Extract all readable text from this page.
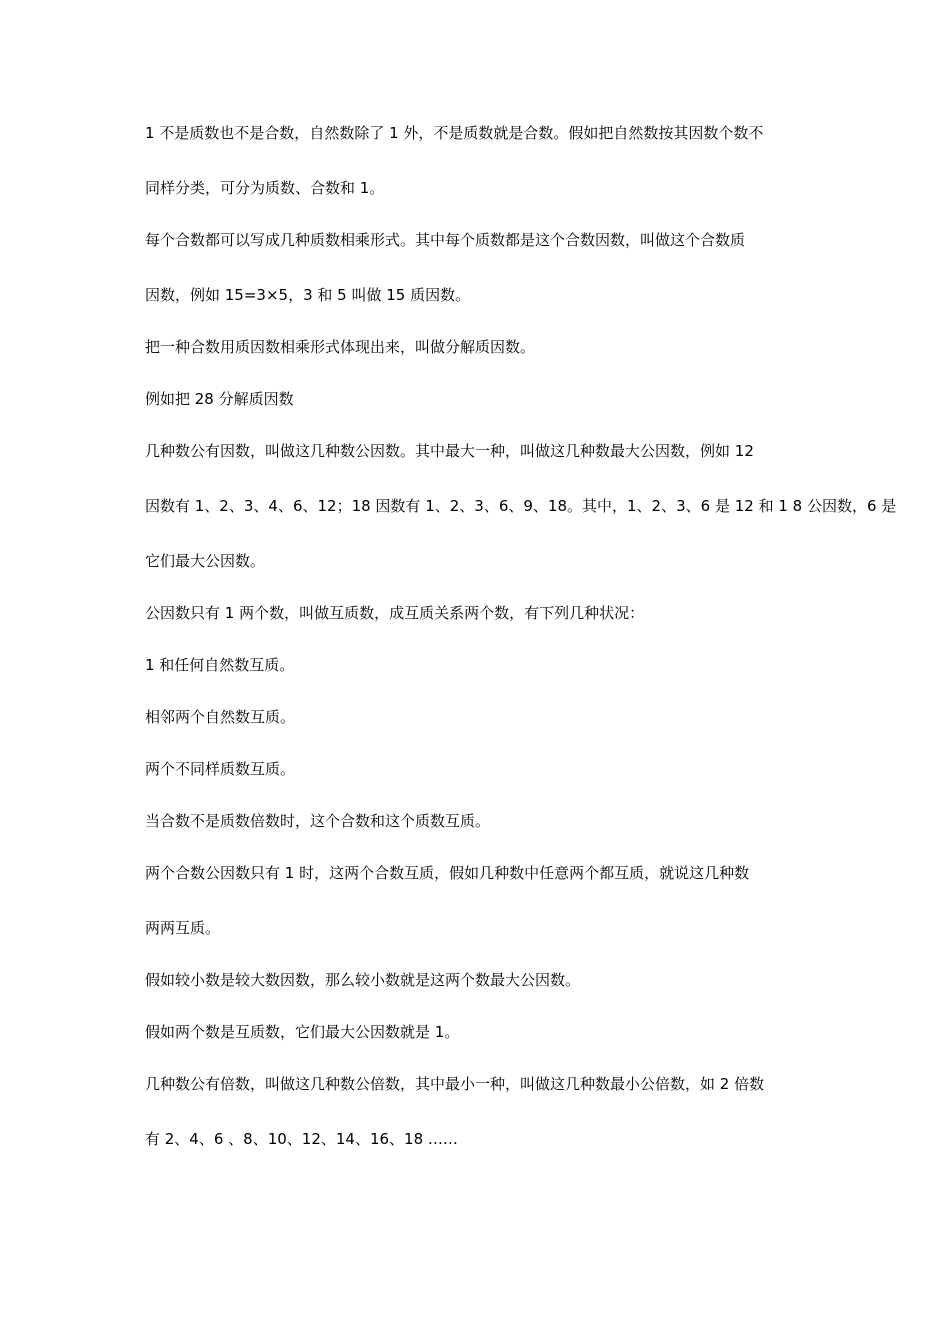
1 不是质数也不是合数，自然数除了 1 外，不是质数就是合数。假如把自然数按其因数个数不
同样分类，可分为质数、合数和 1。
每个合数都可以写成几种质数相乘形式。其中每个质数都是这个合数因数，叫做这个合数质
因数，例如 15=3×5，3 和 5 叫做 15 质因数。
把一种合数用质因数相乘形式体现出来，叫做分解质因数。
例如把 28 分解质因数
几种数公有因数，叫做这几种数公因数。其中最大一种，叫做这几种数最大公因数，例如 12
因数有 1、2、3、4、6、12；18 因数有 1、2、3、6、9、18。其中，1、2、3、6 是 12 和 1 8 公因数，6 是
它们最大公因数。
公因数只有 1 两个数，叫做互质数，成互质关系两个数，有下列几种状况：
1 和任何自然数互质。
相邻两个自然数互质。
两个不同样质数互质。
当合数不是质数倍数时，这个合数和这个质数互质。
两个合数公因数只有 1 时，这两个合数互质，假如几种数中任意两个都互质，就说这几种数
两两互质。
假如较小数是较大数因数，那么较小数就是这两个数最大公因数。
假如两个数是互质数，它们最大公因数就是 1。
几种数公有倍数，叫做这几种数公倍数，其中最小一种，叫做这几种数最小公倍数，如 2 倍数
有 2、4、6 、8、10、12、14、16、18 ……
